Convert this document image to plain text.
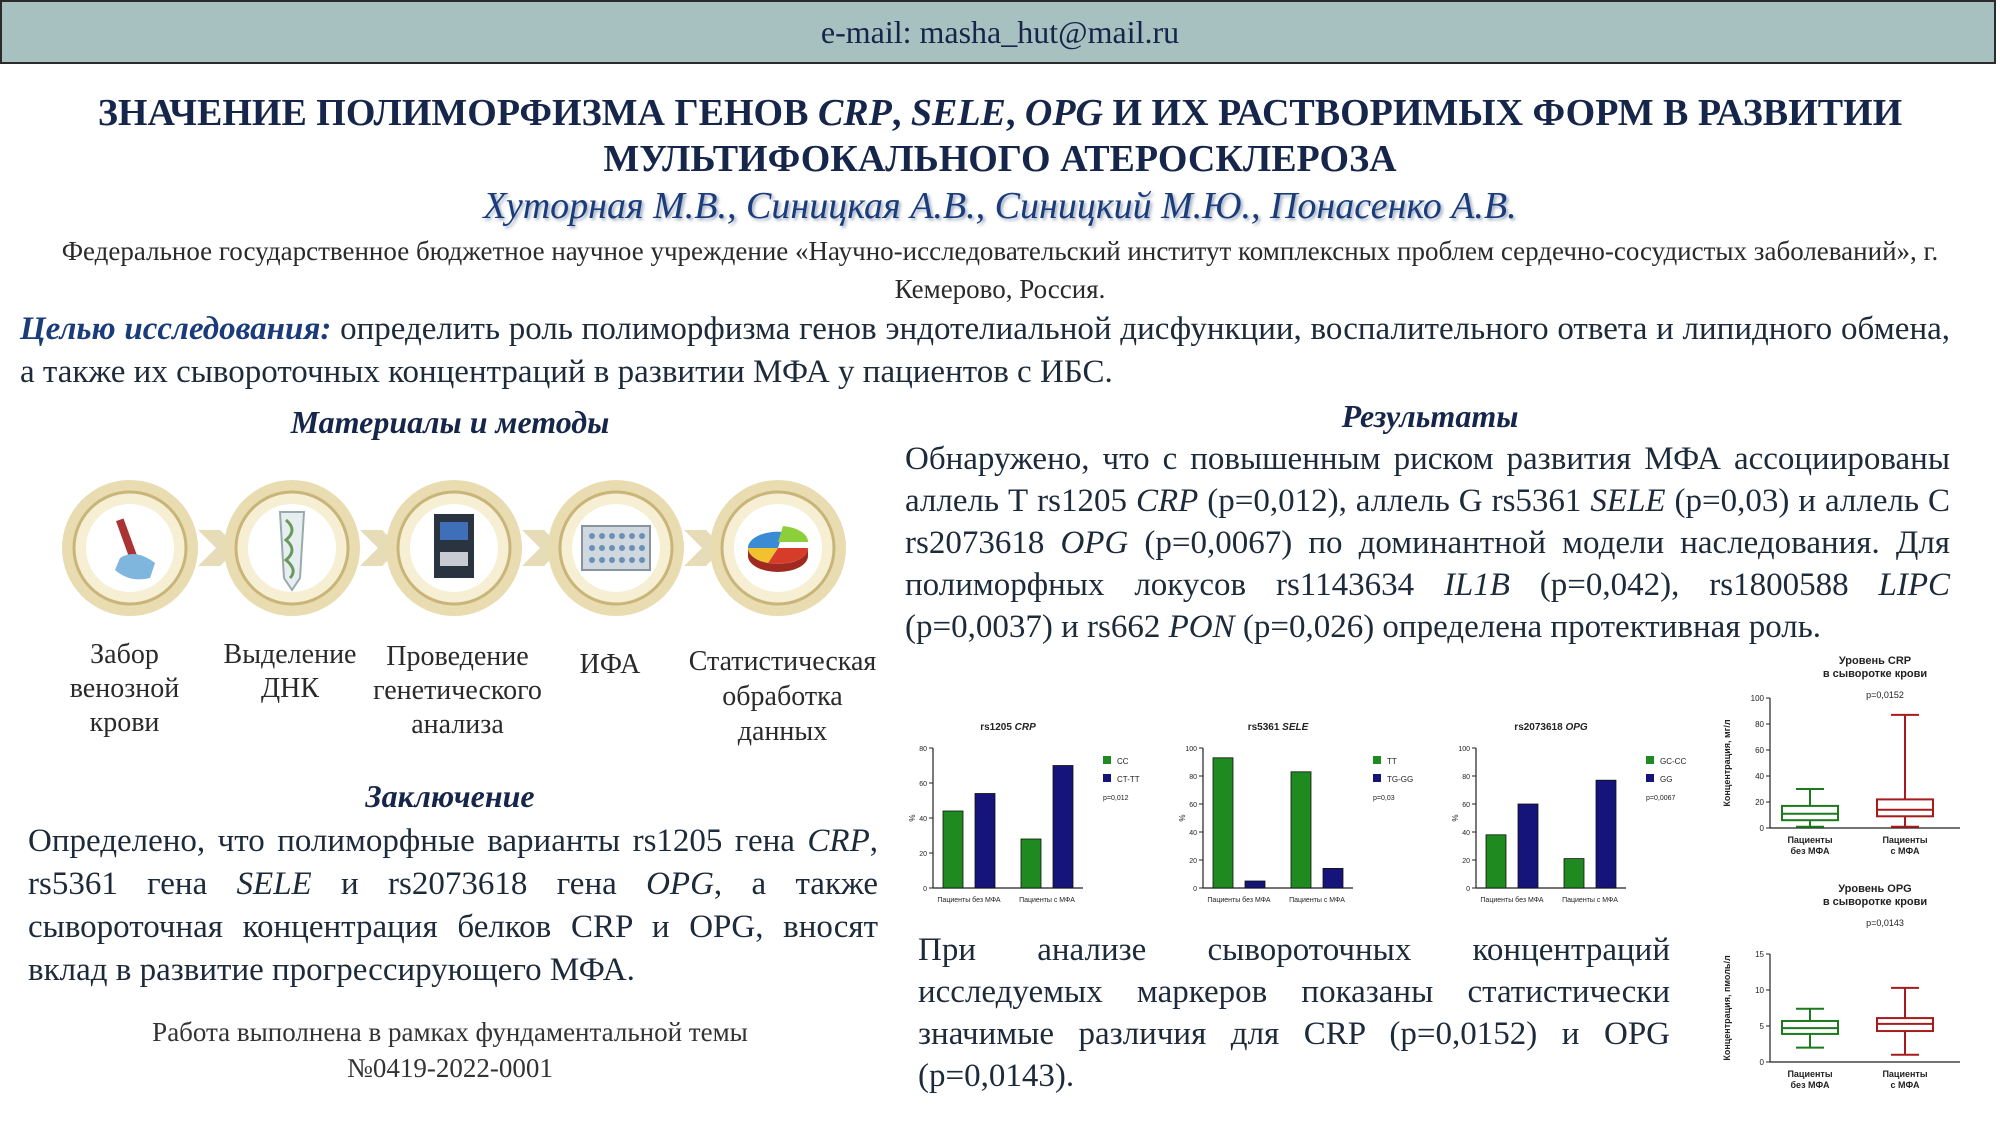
e-mail: masha_hut@mail.ru
ЗНАЧЕНИЕ ПОЛИМОРФИЗМА ГЕНОВ CRP, SELE, OPG И ИХ РАСТВОРИМЫХ ФОРМ В РАЗВИТИИ МУЛЬТИФОКАЛЬНОГО АТЕРОСКЛЕРОЗА
Хуторная М.В., Синицкая А.В., Синицкий М.Ю., Понасенко А.В.
Федеральное государственное бюджетное научное учреждение «Научно-исследовательский институт комплексных проблем сердечно-сосудистых заболеваний», г. Кемерово, Россия.
Целью исследования: определить роль полиморфизма генов эндотелиальной дисфункции, воспалительного ответа и липидного обмена, а также их сывороточных концентраций в развитии МФА у пациентов с ИБС.
Материалы и методы
Забор венозной крови
Выделение ДНК
Проведение генетического анализа
ИФА	Статистическая обработка данных
Результаты
Обнаружено, что с повышенным риском развития МФА ассоциированы аллель Т rs1205 CRP (p=0,012), аллель G rs5361 SELE (p=0,03) и аллель С rs2073618 OPG (p=0,0067) по доминантной модели наследования. Для полиморфных локусов rs1143634 IL1B (p=0,042), rs1800588 LIPC (p=0,0037) и rs662 PON (p=0,026) определена протективная роль.
rs1205 CRP
0
20
40
60
80
%
Пациенты без МФА	Пациенты с МФА
CC
CT-TT
p=0,012
rs5361 SELE
0
20
40
60
80
100
%
Пациенты без МФА	Пациенты с МФА
TT
TG-GG
p=0,03
rs2073618 OPG
0
20
40
60
80
100
%
Пациенты без МФА	Пациенты с МФА
GC-CC
GG
p=0,0067
Уровень CRP в сыворотке крови
p=0,0152
0
20
40
60
80
100
Концентрация, мг/л
Пациенты без МФА
Пациенты с МФА
Уровень OPG в сыворотке крови
p=0,0143
0
5
10
15
Концентрация, пмоль/л
Пациенты без МФА
Пациенты с МФА
Заключение
Определено, что полиморфные варианты rs1205 гена CRP, rs5361 гена SELE и rs2073618 гена OPG, а также сывороточная концентрация белков CRP и OPG, вносят вклад в развитие прогрессирующего МФА.
При анализе сывороточных концентраций исследуемых маркеров показаны статистически значимые различия для CRP (p=0,0152) и OPG (p=0,0143).
Работа выполнена в рамках фундаментальной темы №0419-2022-0001
